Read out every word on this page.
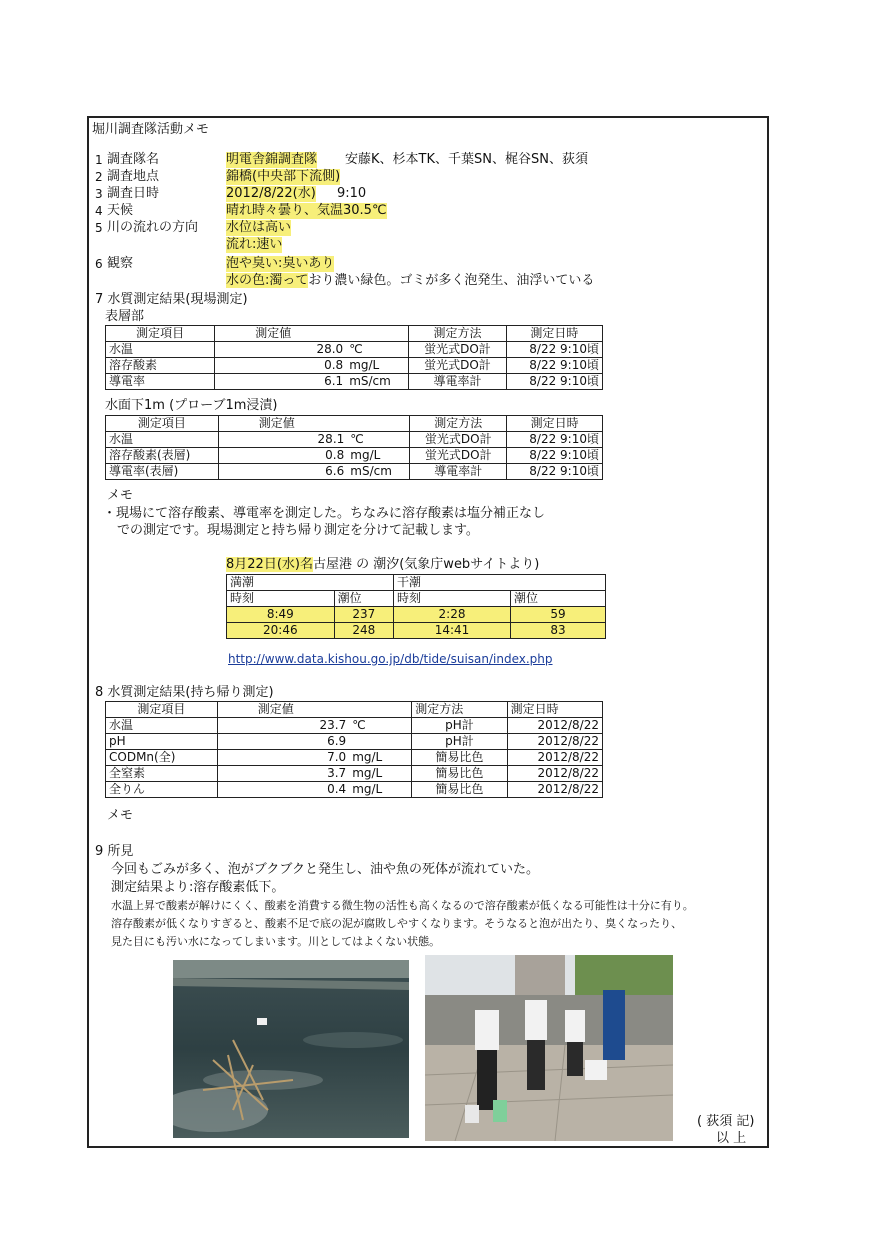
堀川調査隊活動メモ
1 調査隊名	明電舎錦調査隊 安藤K、杉本TK、千葉SN、梶谷SN、荻須
2 調査地点	錦橋(中央部下流側)
3 調査日時	2012/8/22(水) 9:10
4 天候	晴れ時々曇り、気温30.5℃
5 川の流れの方向 水位は高い
流れ:速い
6 観察	泡や臭い:臭いあり
水の色:濁っており濃い緑色。ゴミが多く泡発生、油浮いている
7 水質測定結果(現場測定)
表層部
測定項目	測定値	測定方法	測定日時
水温	28.0 ℃	蛍光式DO計	8/22 9:10頃
溶存酸素	0.8 mg/L	蛍光式DO計	8/22 9:10頃
導電率	6.1 mS/cm	導電率計	8/22 9:10頃
水面下1m (プローブ1m浸漬)
測定項目	測定値	測定方法	測定日時
水温	28.1 ℃	蛍光式DO計	8/22 9:10頃
溶存酸素(表層)	0.8 mg/L	蛍光式DO計	8/22 9:10頃
導電率(表層)	6.6 mS/cm	導電率計	8/22 9:10頃
メモ
・現場にて溶存酸素、導電率を測定した。ちなみに溶存酸素は塩分補正なし
での測定です。現場測定と持ち帰り測定を分けて記載します。
8月22日(水)名古屋港 の 潮汐(気象庁webサイトより)
満潮		干潮	
時刻	潮位	時刻	潮位
8:49	237	2:28	59
20:46	248	14:41	83
http://www.data.kishou.go.jp/db/tide/suisan/index.php
8 水質測定結果(持ち帰り測定)
測定項目	測定値	測定方法	測定日時
水温	23.7 ℃	pH計	2012/8/22
pH	6.9	pH計	2012/8/22
CODMn(全)	7.0 mg/L	簡易比色	2012/8/22
全窒素	3.7 mg/L	簡易比色	2012/8/22
全りん	0.4 mg/L	簡易比色	2012/8/22
メモ
9 所見
今回もごみが多く、泡がブクブクと発生し、油や魚の死体が流れていた。
測定結果より:溶存酸素低下。
水温上昇で酸素が解けにくく、酸素を消費する微生物の活性も高くなるので溶存酸素が低くなる可能性は十分に有り。
溶存酸素が低くなりすぎると、酸素不足で底の泥が腐敗しやすくなります。そうなると泡が出たり、臭くなったり、
見た目にも汚い水になってしまいます。川としてはよくない状態。
( 荻須 記)
以 上
